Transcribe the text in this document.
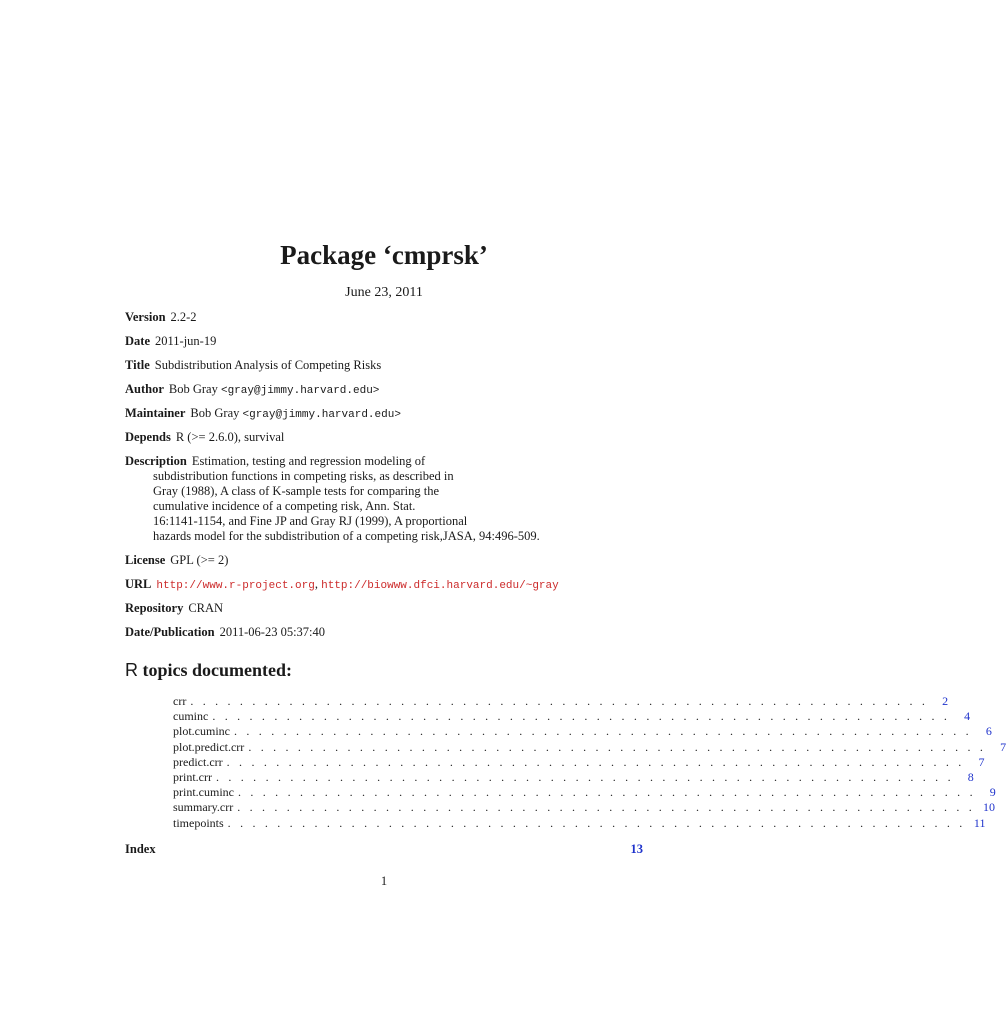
Package ‘cmprsk’
June 23, 2011
Version 2.2-2
Date 2011-jun-19
Title Subdistribution Analysis of Competing Risks
Author Bob Gray <gray@jimmy.harvard.edu>
Maintainer Bob Gray <gray@jimmy.harvard.edu>
Depends R (>= 2.6.0), survival
Description Estimation, testing and regression modeling of
subdistribution functions in competing risks, as described in
Gray (1988), A class of K-sample tests for comparing the
cumulative incidence of a competing risk, Ann. Stat.
16:1141-1154, and Fine JP and Gray RJ (1999), A proportional
hazards model for the subdistribution of a competing risk,JASA, 94:496-509.
License GPL (>= 2)
URL http://www.r-project.org, http://biowww.dfci.harvard.edu/~gray
Repository CRAN
Date/Publication 2011-06-23 05:37:40
R topics documented:
crr . . . . . . . . . . . . . . . . . . . . . . . . . . . . . . . . . . . . . . . . . . . . . . . . . . . . . . . . . . . .	2
cuminc . . . . . . . . . . . . . . . . . . . . . . . . . . . . . . . . . . . . . . . . . . . . . . . . . . . . . . . . . . . .	4
plot.cuminc . . . . . . . . . . . . . . . . . . . . . . . . . . . . . . . . . . . . . . . . . . . . . . . . . . . . . . . . . . . .	6
plot.predict.crr . . . . . . . . . . . . . . . . . . . . . . . . . . . . . . . . . . . . . . . . . . . . . . . . . . . . . . . . . . . .	7
predict.crr . . . . . . . . . . . . . . . . . . . . . . . . . . . . . . . . . . . . . . . . . . . . . . . . . . . . . . . . . . . .	7
print.crr . . . . . . . . . . . . . . . . . . . . . . . . . . . . . . . . . . . . . . . . . . . . . . . . . . . . . . . . . . . .	8
print.cuminc . . . . . . . . . . . . . . . . . . . . . . . . . . . . . . . . . . . . . . . . . . . . . . . . . . . . . . . . . . . .	9
summary.crr . . . . . . . . . . . . . . . . . . . . . . . . . . . . . . . . . . . . . . . . . . . . . . . . . . . . . . . . . . . . 10
timepoints . . . . . . . . . . . . . . . . . . . . . . . . . . . . . . . . . . . . . . . . . . . . . . . . . . . . . . . . . . . . 11
Index	13
1
